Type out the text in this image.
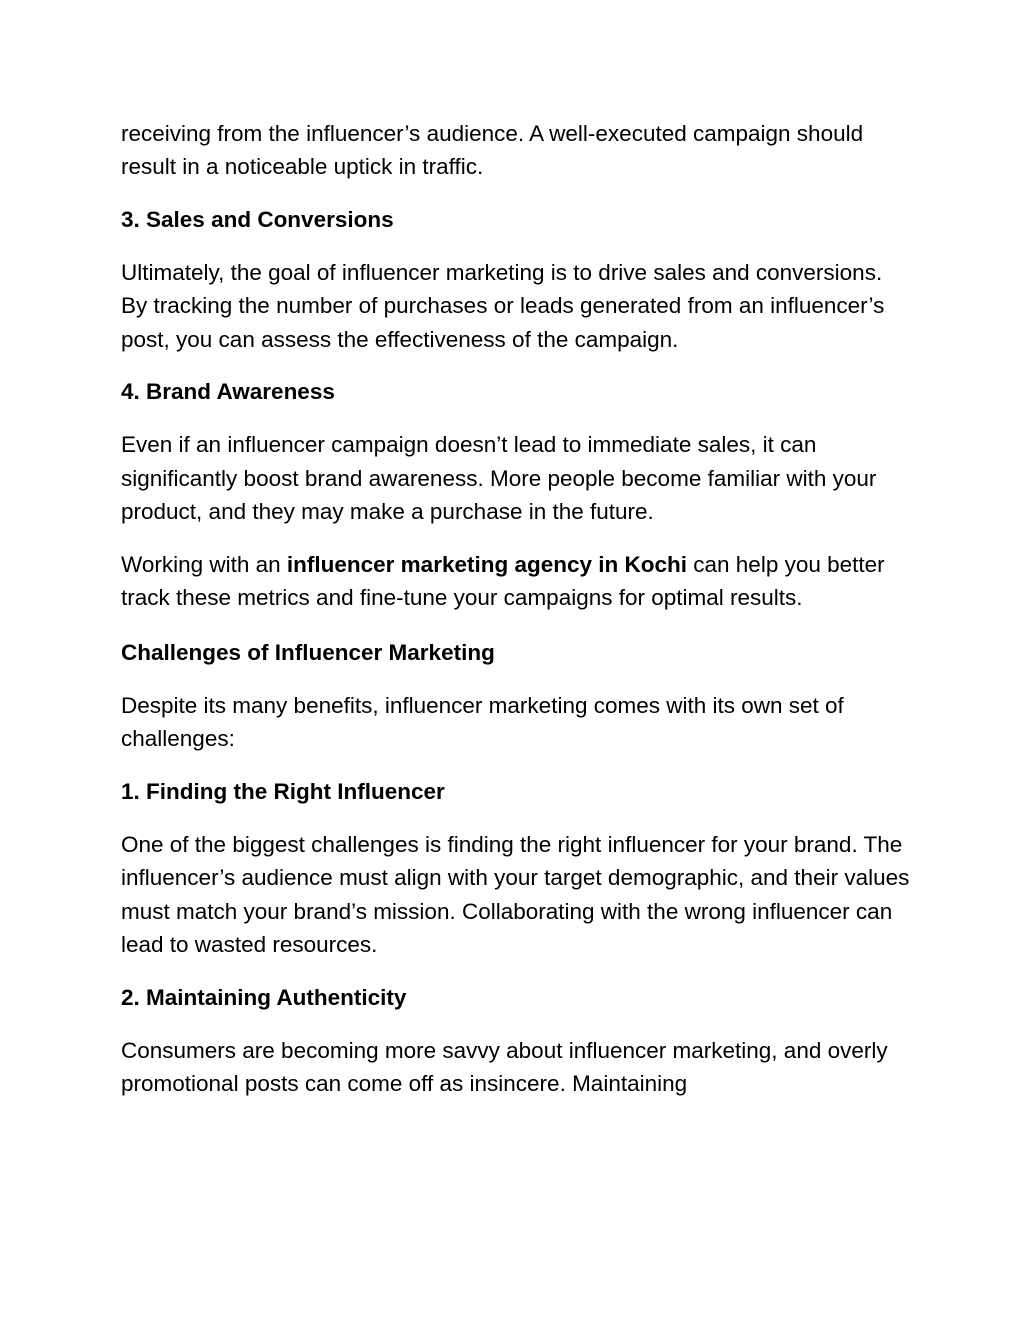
receiving from the influencer’s audience. A well-executed campaign should result in a noticeable uptick in traffic.

3. Sales and Conversions

Ultimately, the goal of influencer marketing is to drive sales and conversions. By tracking the number of purchases or leads generated from an influencer’s post, you can assess the effectiveness of the campaign.

4. Brand Awareness

Even if an influencer campaign doesn’t lead to immediate sales, it can significantly boost brand awareness. More people become familiar with your product, and they may make a purchase in the future.

Working with an influencer marketing agency in Kochi can help you better track these metrics and fine-tune your campaigns for optimal results.

Challenges of Influencer Marketing

Despite its many benefits, influencer marketing comes with its own set of challenges:

1. Finding the Right Influencer

One of the biggest challenges is finding the right influencer for your brand. The influencer’s audience must align with your target demographic, and their values must match your brand’s mission. Collaborating with the wrong influencer can lead to wasted resources.

2. Maintaining Authenticity

Consumers are becoming more savvy about influencer marketing, and overly promotional posts can come off as insincere. Maintaining
